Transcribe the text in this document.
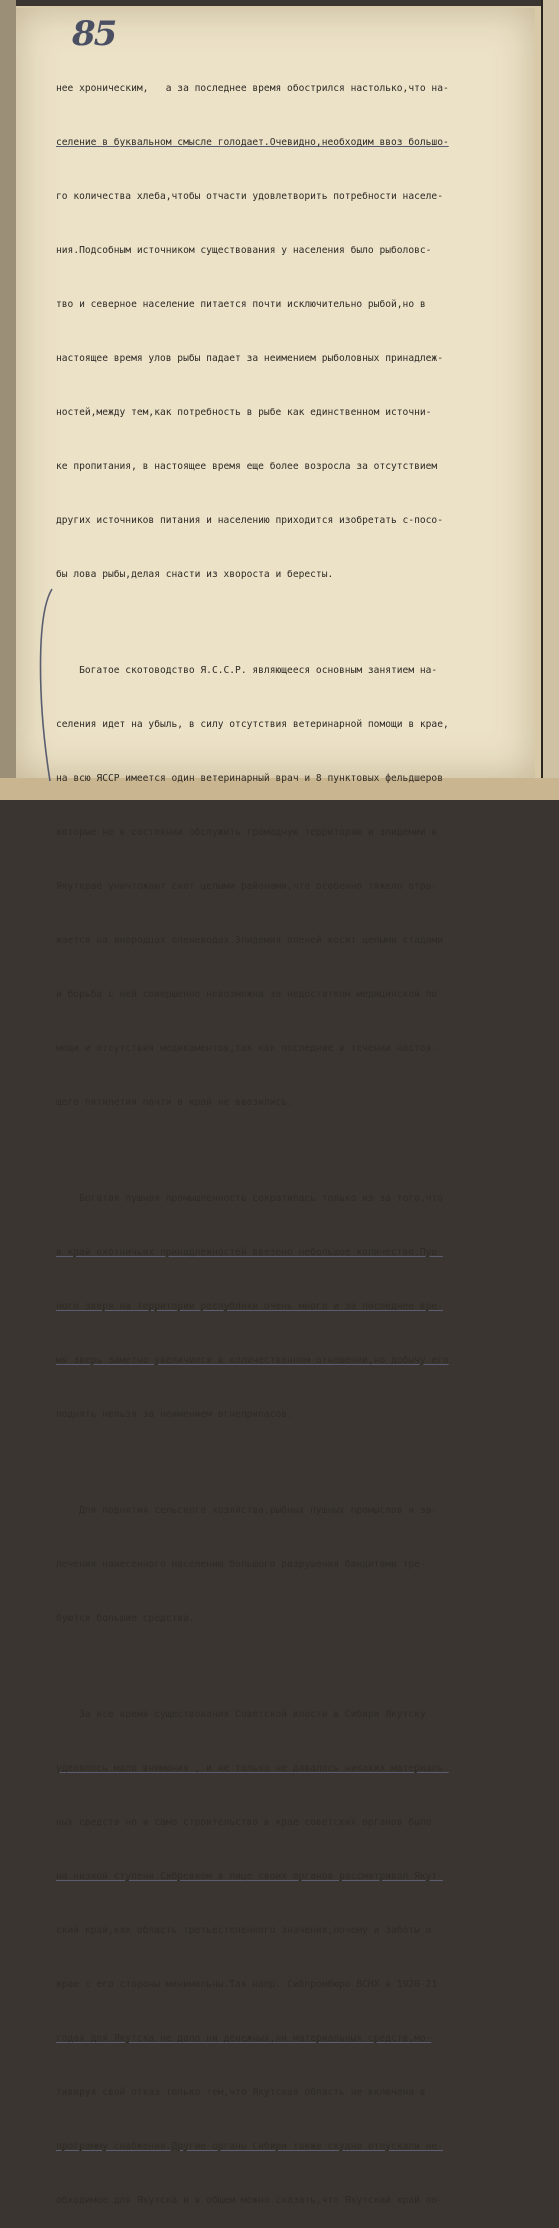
85

нее хроническим,   а за последнее время обострился настолько,что на-

селение в буквальном смысле голодает.Очевидно,необходим ввоз большо-

го количества хлеба,чтобы отчасти удовлетворить потребности населе-

ния.Подсобным источником существования у населения было рыболовс-

тво и северное население питается почти исключительно рыбой,но в

настоящее время улов рыбы падает за неимением рыболовных принадлеж-

ностей,между тем,как потребность в рыбе как единственном источни-

ке пропитания, в настоящее время еще более возросла за отсутствием

других источников питания и населению приходится изобретать с-посо-

бы лова рыбы,делая снасти из хвороста и бересты.

Богатое скотоводство Я.С.С.Р. являющееся основным занятием на-

селения идет на убыль, в силу отсутствия ветеринарной помощи в крае,

на всю ЯССР имеется один ветеринарный врач и 8 пунктовых фельдшеров

которые не в состоянии обслужить громадную территорию и эпидемии в

Якуткрае уничтожают скот целыми районами,что особенно тяжело отра-

жается на инородцах оленеводах.Эпидемия оленей косит целыми стадами

и борьба с ней совершенно невозможна за недостатком медицинской по-

мощи и отсутствия медикаментов,так как последние в течении настоя-

щего пятилетия почти в край не ввозились.

Богатая пушная промышленность сократилась только из за того,что

в край охотничьих принадлежностей ввезено небольшое количество.Пуш-

ного зверя на территории республики очень много и за последнее вре-

мя зверь заметно увеличился в количественном отношении,но добычу его

поднять нельзя за неимением огнеприпасов.

Для поднятия сельского хозяйства,рыбных пушных промыслов и за-

лечения нанесенного населению большого разрушения бандитами тре-

буются большие средства.

За все время существования Советской власти в Сибири Якутску

уделялось мало внимания , и не только не давалось никаких материаль-

ных средств но и само строительство в крае советских органов было

на низкой ступени.Сибревком в лице своих органов рассматривал Якут-

ский край,как область третьестепенного значения,почему и заботы о

крае с его стороны минимальны.Так напр. Сибпромбюро ВСНХ в 1920-21

годах для Якутска не дало ни денежных,ни материальных средств,мо-

тивируя свой отказ только тем,что Якутская область не включена в

программу снабжения.Другие органы Сибири также скудно отпускали не-

обходимое для Якутска и в общем можно сказать,что Якутский край по-
